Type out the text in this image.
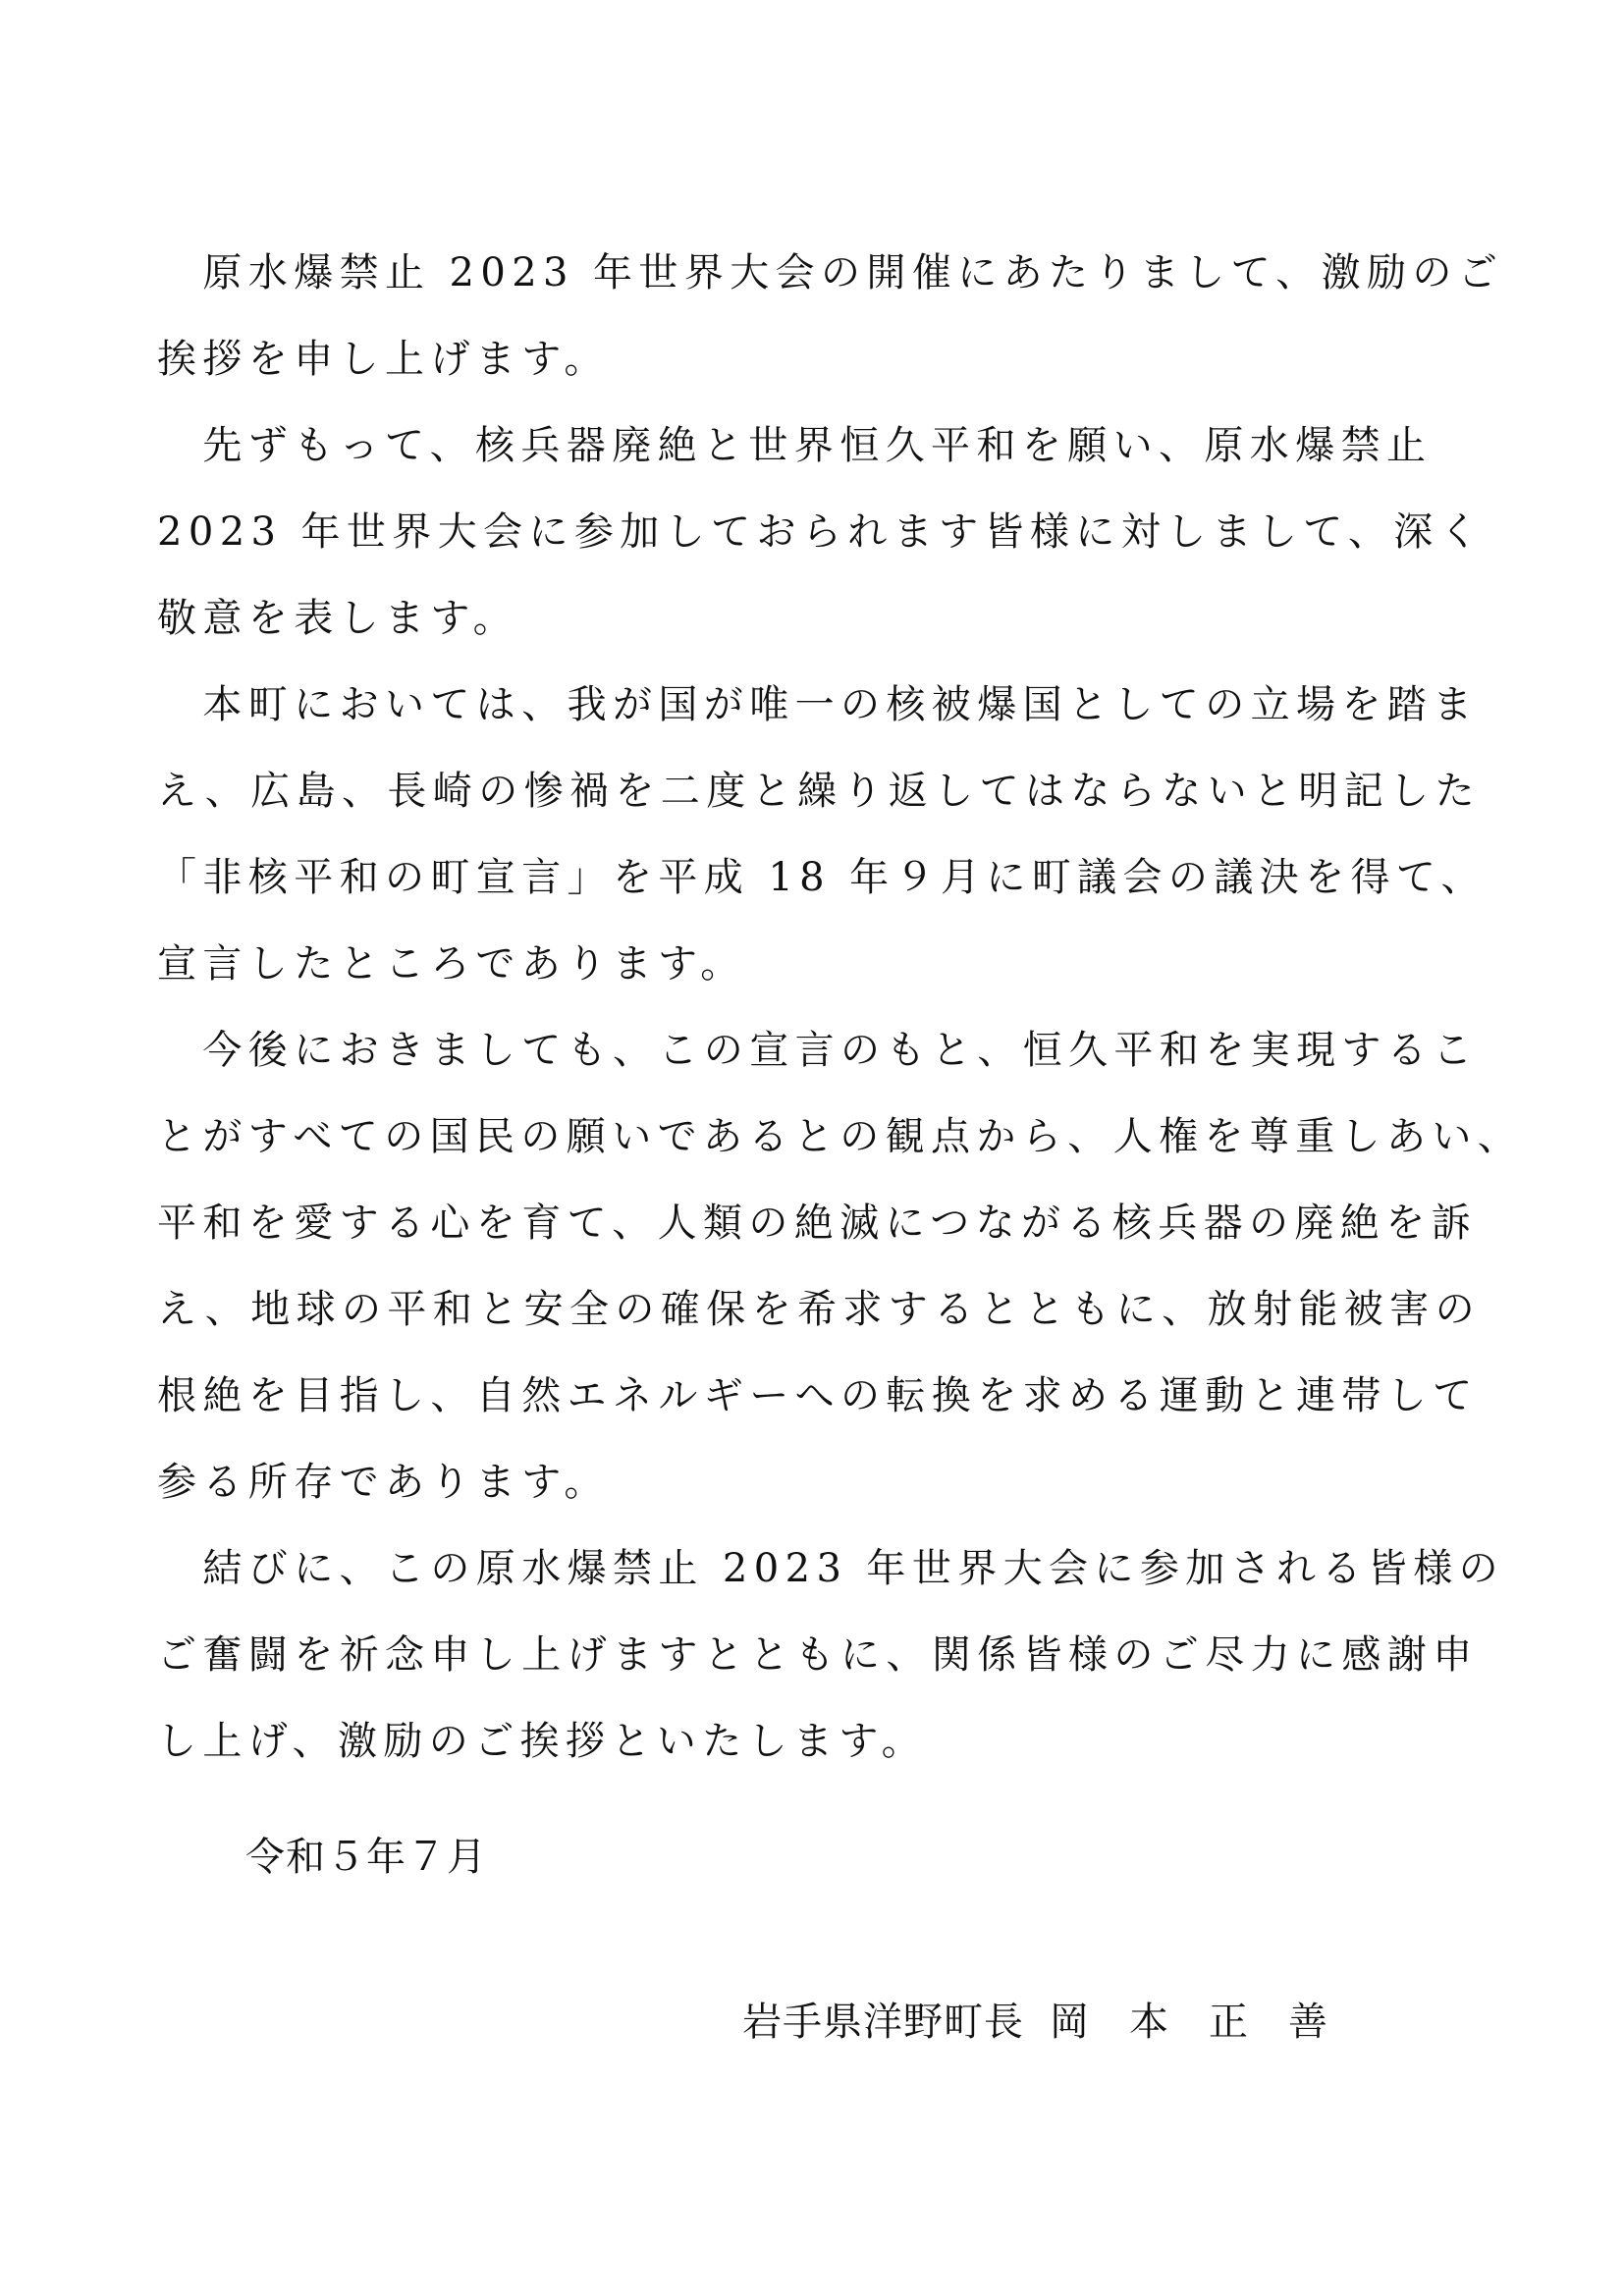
　原水爆禁止 2023 年世界大会の開催にあたりまして、激励のご
挨拶を申し上げます。
　先ずもって、核兵器廃絶と世界恒久平和を願い、原水爆禁止
2023 年世界大会に参加しておられます皆様に対しまして、深く
敬意を表します。
　本町においては、我が国が唯一の核被爆国としての立場を踏ま
え、広島、長崎の惨禍を二度と繰り返してはならないと明記した
「非核平和の町宣言」を平成 18 年９月に町議会の議決を得て、
宣言したところであります。
　今後におきましても、この宣言のもと、恒久平和を実現するこ
とがすべての国民の願いであるとの観点から、人権を尊重しあい、
平和を愛する心を育て、人類の絶滅につながる核兵器の廃絶を訴
え、地球の平和と安全の確保を希求するとともに、放射能被害の
根絶を目指し、自然エネルギーへの転換を求める運動と連帯して
参る所存であります。
　結びに、この原水爆禁止 2023 年世界大会に参加される皆様の
ご奮闘を祈念申し上げますとともに、関係皆様のご尽力に感謝申
し上げ、激励のご挨拶といたします。
令和５年７月
岩手県洋野町長 岡 本 正 善
